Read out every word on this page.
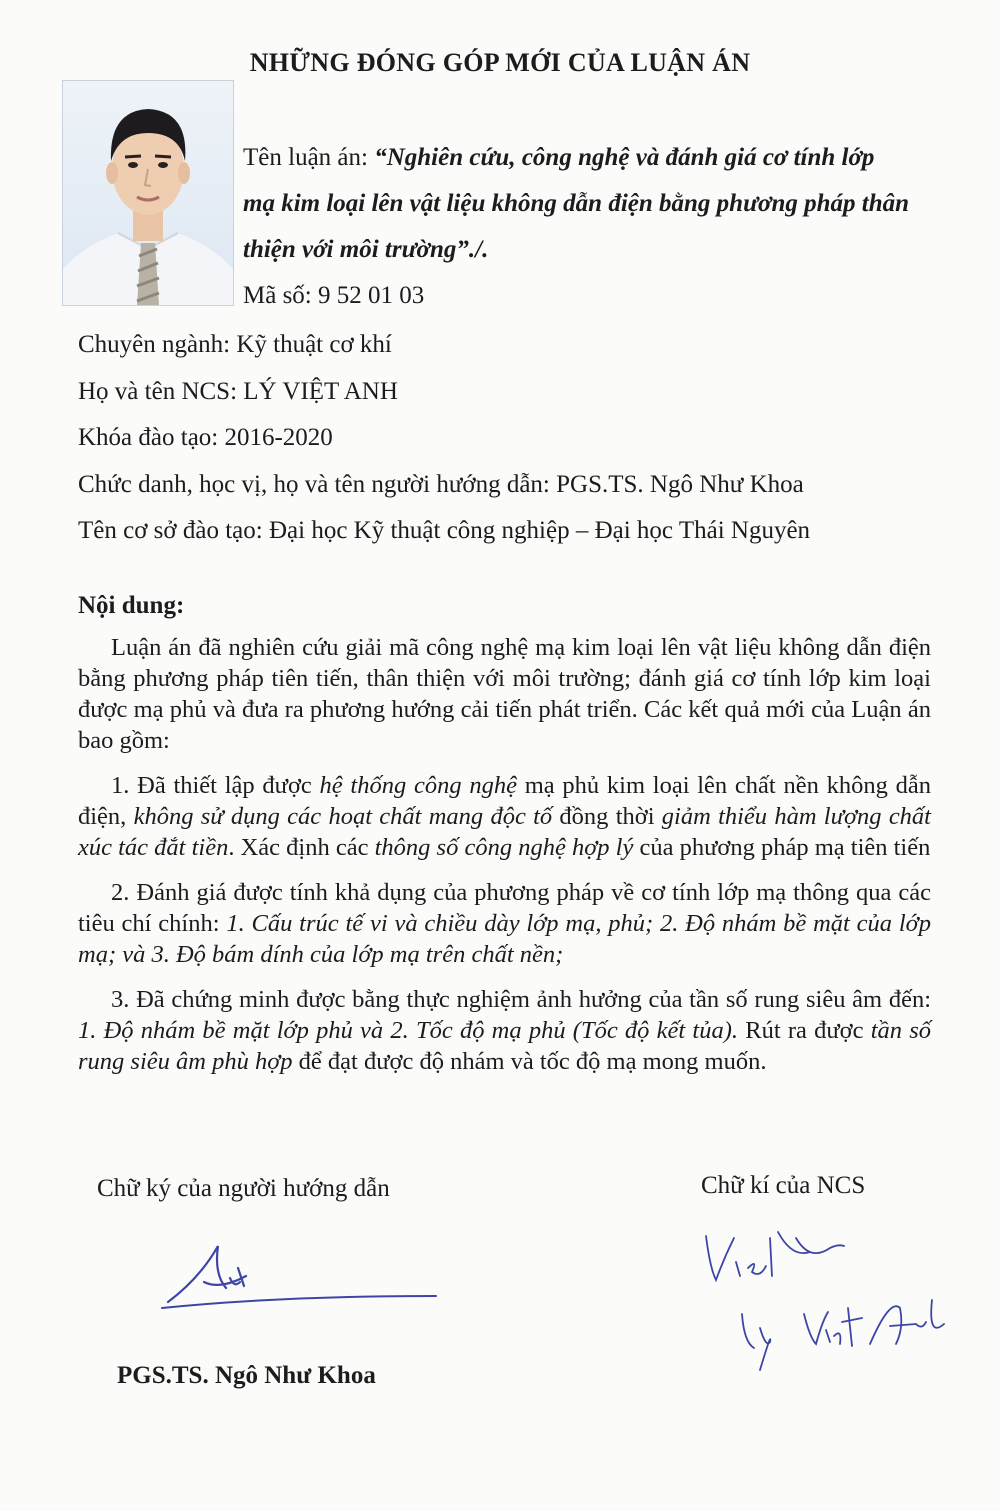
NHỮNG ĐÓNG GÓP MỚI CỦA LUẬN ÁN
Tên luận án: “Nghiên cứu, công nghệ và đánh giá cơ tính lớp
mạ kim loại lên vật liệu không dẫn điện bằng phương pháp thân
thiện với môi trường”./.
Mã số: 9 52 01 03
Chuyên ngành: Kỹ thuật cơ khí
Họ và tên NCS: LÝ VIỆT ANH
Khóa đào tạo: 2016-2020
Chức danh, học vị, họ và tên người hướng dẫn: PGS.TS. Ngô Như Khoa
Tên cơ sở đào tạo: Đại học Kỹ thuật công nghiệp – Đại học Thái Nguyên
Nội dung:

Luận án đã nghiên cứu giải mã công nghệ mạ kim loại lên vật liệu không dẫn điện bằng phương pháp tiên tiến, thân thiện với môi trường; đánh giá cơ tính lớp kim loại được mạ phủ và đưa ra phương hướng cải tiến phát triển. Các kết quả mới của Luận án bao gồm:

1. Đã thiết lập được hệ thống công nghệ mạ phủ kim loại lên chất nền không dẫn điện, không sử dụng các hoạt chất mang độc tố đồng thời giảm thiểu hàm lượng chất xúc tác đắt tiền. Xác định các thông số công nghệ hợp lý của phương pháp mạ tiên tiến

2. Đánh giá được tính khả dụng của phương pháp về cơ tính lớp mạ thông qua các tiêu chí chính: 1. Cấu trúc tế vi và chiều dày lớp mạ, phủ; 2. Độ nhám bề mặt của lớp mạ; và 3. Độ bám dính của lớp mạ trên chất nền;

3. Đã chứng minh được bằng thực nghiệm ảnh hưởng của tần số rung siêu âm đến: 1. Độ nhám bề mặt lớp phủ và 2. Tốc độ mạ phủ (Tốc độ kết tủa). Rút ra được tần số rung siêu âm phù hợp để đạt được độ nhám và tốc độ mạ mong muốn.

Chữ ký của người hướng dẫn	Chữ kí của NCS
PGS.TS. Ngô Như Khoa
